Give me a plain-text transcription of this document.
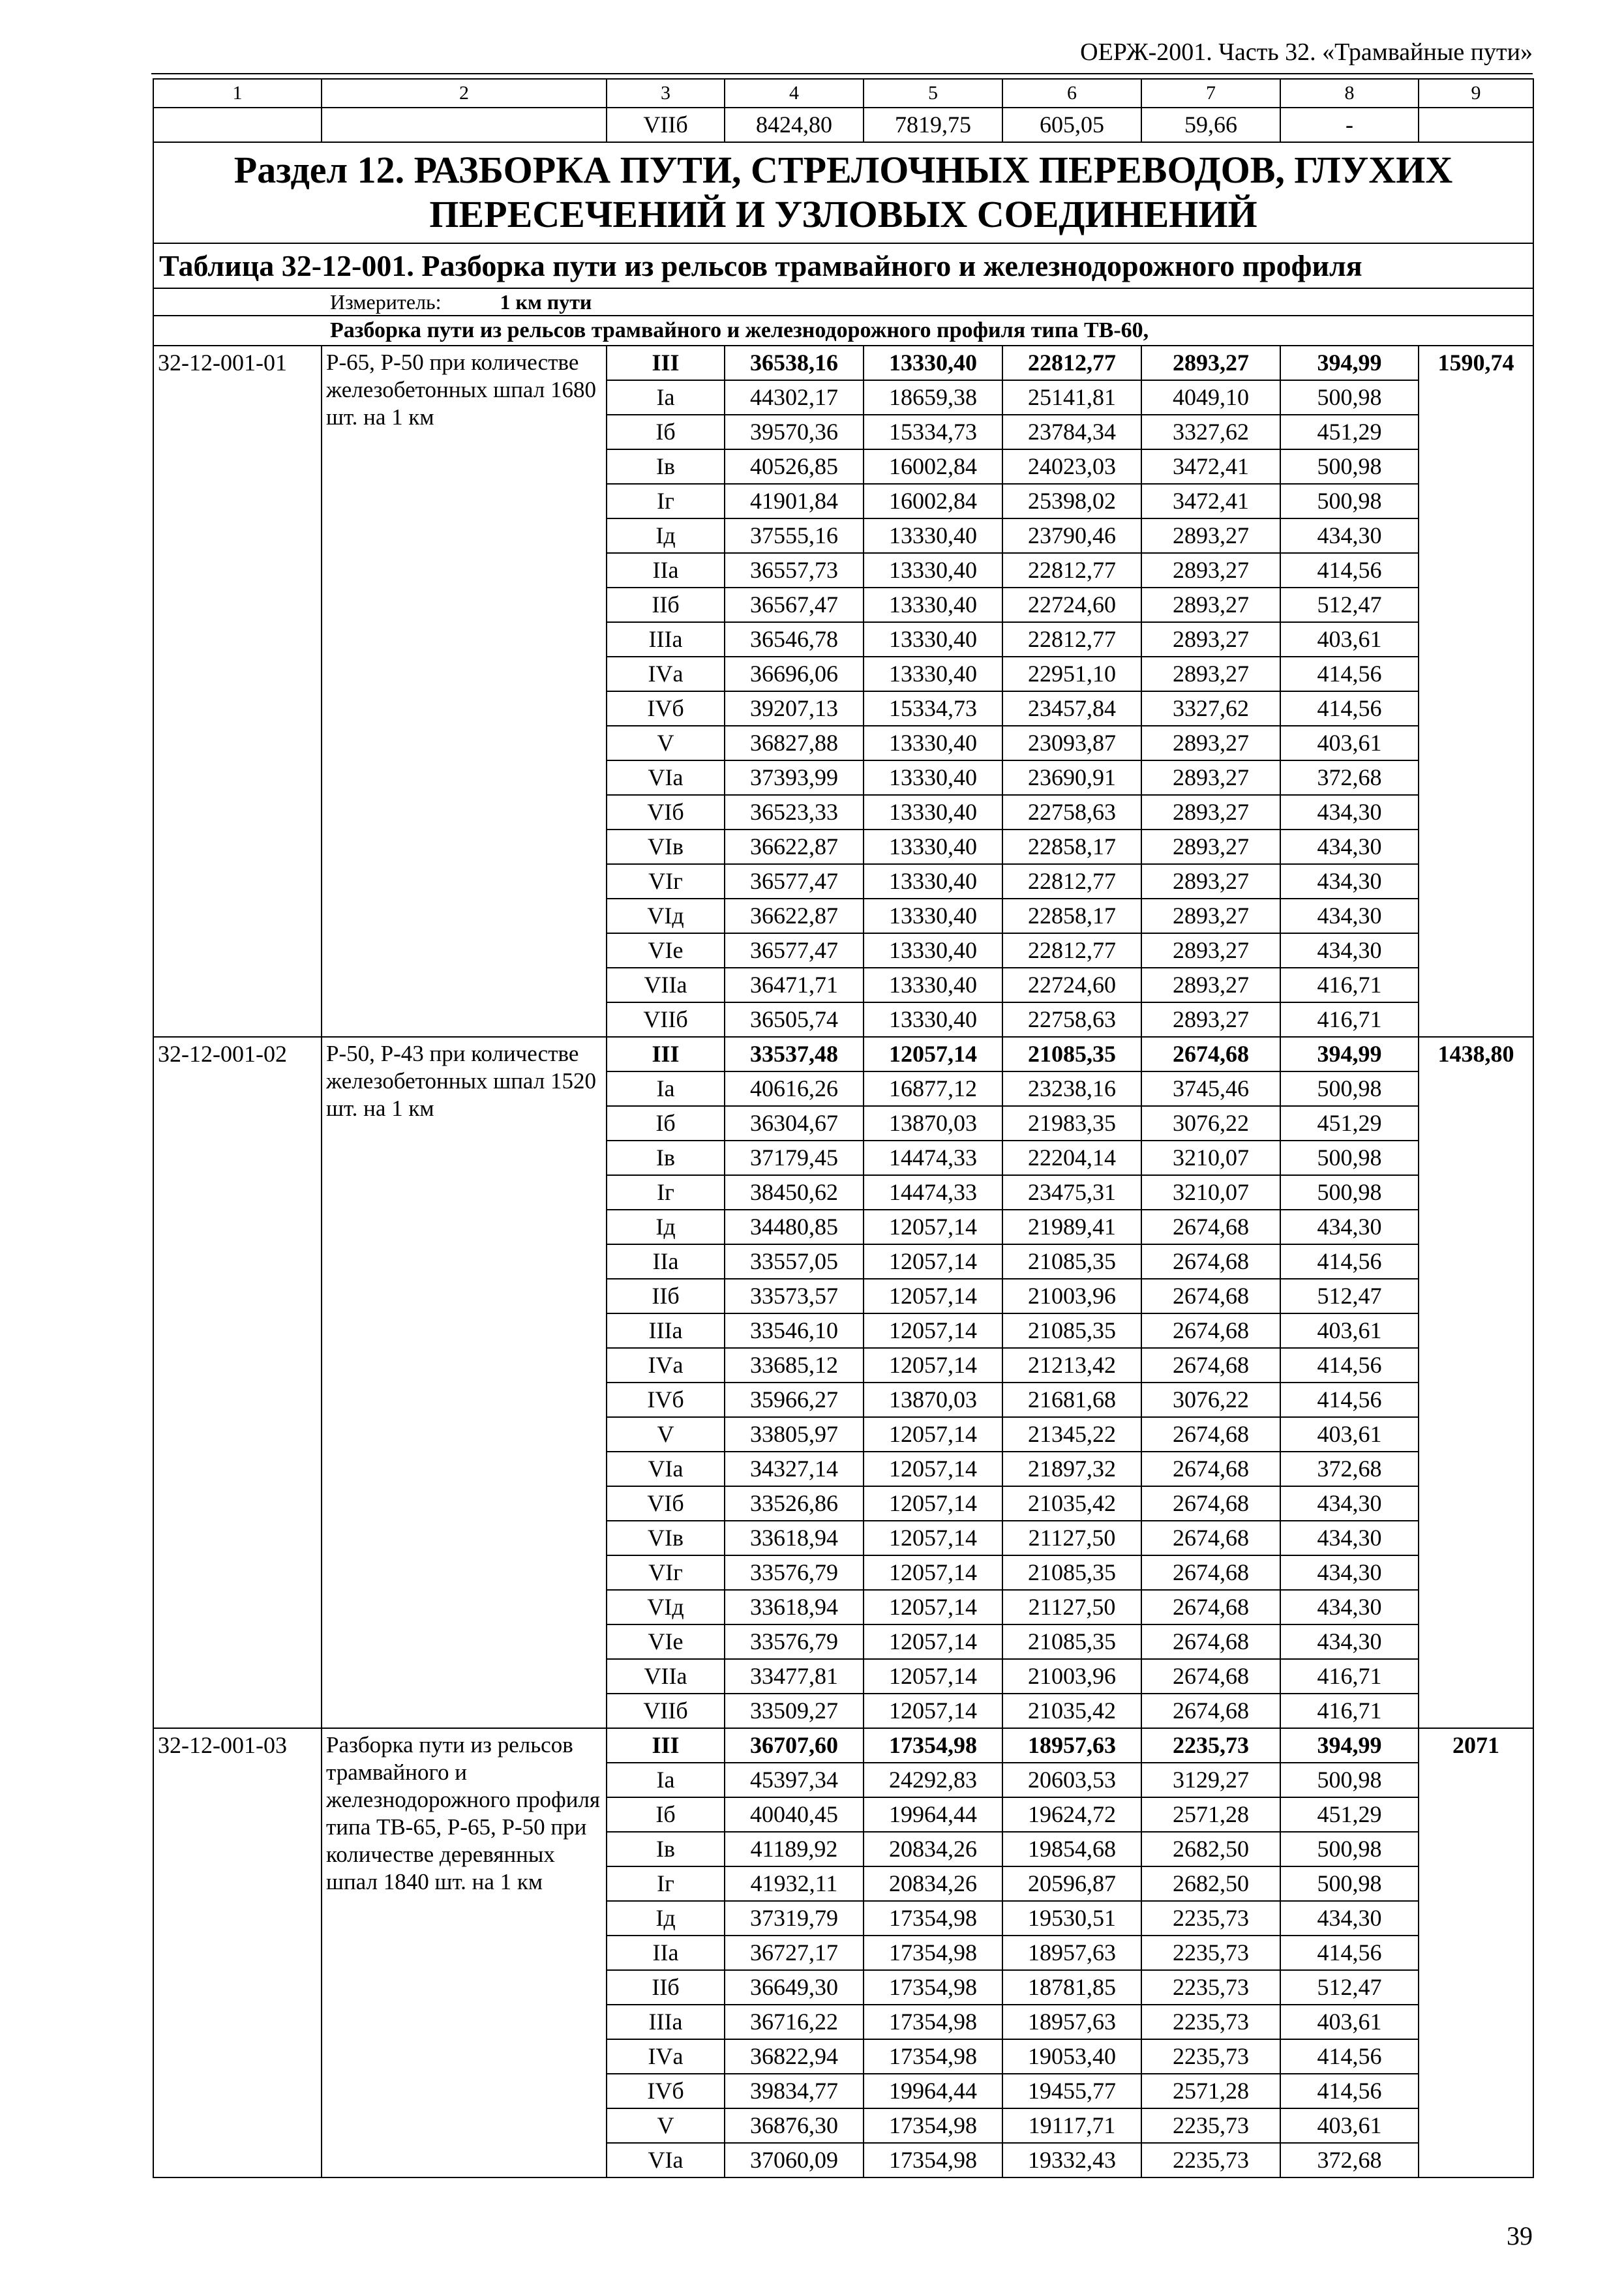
ОЕРЖ-2001. Часть 32. «Трамвайные пути»
1	2	3	4	5	6	7	8	9
		VIIб	8424,80	7819,75	605,05	59,66	-	
Раздел 12. РАЗБОРКА ПУТИ, СТРЕЛОЧНЫХ ПЕРЕВОДОВ, ГЛУХИХ ПЕРЕСЕЧЕНИЙ И УЗЛОВЫХ СОЕДИНЕНИЙ								
Таблица 32-12-001. Разборка пути из рельсов трамвайного и железнодорожного профиля								
Измеритель: 1 км пути								
Разборка пути из рельсов трамвайного и железнодорожного профиля типа ТВ-60,								
32-12-001-01	Р-65, Р-50 при количестве железобетонных шпал 1680 шт. на 1 км	III	36538,16	13330,40	22812,77	2893,27	394,99	1590,74
		Iа	44302,17	18659,38	25141,81	4049,10	500,98	
		Iб	39570,36	15334,73	23784,34	3327,62	451,29	
		Iв	40526,85	16002,84	24023,03	3472,41	500,98	
		Iг	41901,84	16002,84	25398,02	3472,41	500,98	
		Iд	37555,16	13330,40	23790,46	2893,27	434,30	
		IIа	36557,73	13330,40	22812,77	2893,27	414,56	
		IIб	36567,47	13330,40	22724,60	2893,27	512,47	
		IIIа	36546,78	13330,40	22812,77	2893,27	403,61	
		IVа	36696,06	13330,40	22951,10	2893,27	414,56	
		IVб	39207,13	15334,73	23457,84	3327,62	414,56	
		V	36827,88	13330,40	23093,87	2893,27	403,61	
		VIа	37393,99	13330,40	23690,91	2893,27	372,68	
		VIб	36523,33	13330,40	22758,63	2893,27	434,30	
		VIв	36622,87	13330,40	22858,17	2893,27	434,30	
		VIг	36577,47	13330,40	22812,77	2893,27	434,30	
		VIд	36622,87	13330,40	22858,17	2893,27	434,30	
		VIе	36577,47	13330,40	22812,77	2893,27	434,30	
		VIIа	36471,71	13330,40	22724,60	2893,27	416,71	
		VIIб	36505,74	13330,40	22758,63	2893,27	416,71	
32-12-001-02	Р-50, Р-43 при количестве железобетонных шпал 1520 шт. на 1 км	III	33537,48	12057,14	21085,35	2674,68	394,99	1438,80
		Iа	40616,26	16877,12	23238,16	3745,46	500,98	
		Iб	36304,67	13870,03	21983,35	3076,22	451,29	
		Iв	37179,45	14474,33	22204,14	3210,07	500,98	
		Iг	38450,62	14474,33	23475,31	3210,07	500,98	
		Iд	34480,85	12057,14	21989,41	2674,68	434,30	
		IIа	33557,05	12057,14	21085,35	2674,68	414,56	
		IIб	33573,57	12057,14	21003,96	2674,68	512,47	
		IIIа	33546,10	12057,14	21085,35	2674,68	403,61	
		IVа	33685,12	12057,14	21213,42	2674,68	414,56	
		IVб	35966,27	13870,03	21681,68	3076,22	414,56	
		V	33805,97	12057,14	21345,22	2674,68	403,61	
		VIа	34327,14	12057,14	21897,32	2674,68	372,68	
		VIб	33526,86	12057,14	21035,42	2674,68	434,30	
		VIв	33618,94	12057,14	21127,50	2674,68	434,30	
		VIг	33576,79	12057,14	21085,35	2674,68	434,30	
		VIд	33618,94	12057,14	21127,50	2674,68	434,30	
		VIе	33576,79	12057,14	21085,35	2674,68	434,30	
		VIIа	33477,81	12057,14	21003,96	2674,68	416,71	
		VIIб	33509,27	12057,14	21035,42	2674,68	416,71	
32-12-001-03	Разборка пути из рельсов трамвайного и железнодорожного профиля типа ТВ-65, Р-65, Р-50 при количестве деревянных шпал 1840 шт. на 1 км	III	36707,60	17354,98	18957,63	2235,73	394,99	2071
		Iа	45397,34	24292,83	20603,53	3129,27	500,98	
		Iб	40040,45	19964,44	19624,72	2571,28	451,29	
		Iв	41189,92	20834,26	19854,68	2682,50	500,98	
		Iг	41932,11	20834,26	20596,87	2682,50	500,98	
		Iд	37319,79	17354,98	19530,51	2235,73	434,30	
		IIа	36727,17	17354,98	18957,63	2235,73	414,56	
		IIб	36649,30	17354,98	18781,85	2235,73	512,47	
		IIIа	36716,22	17354,98	18957,63	2235,73	403,61	
		IVа	36822,94	17354,98	19053,40	2235,73	414,56	
		IVб	39834,77	19964,44	19455,77	2571,28	414,56	
		V	36876,30	17354,98	19117,71	2235,73	403,61	
		VIа	37060,09	17354,98	19332,43	2235,73	372,68	
39
